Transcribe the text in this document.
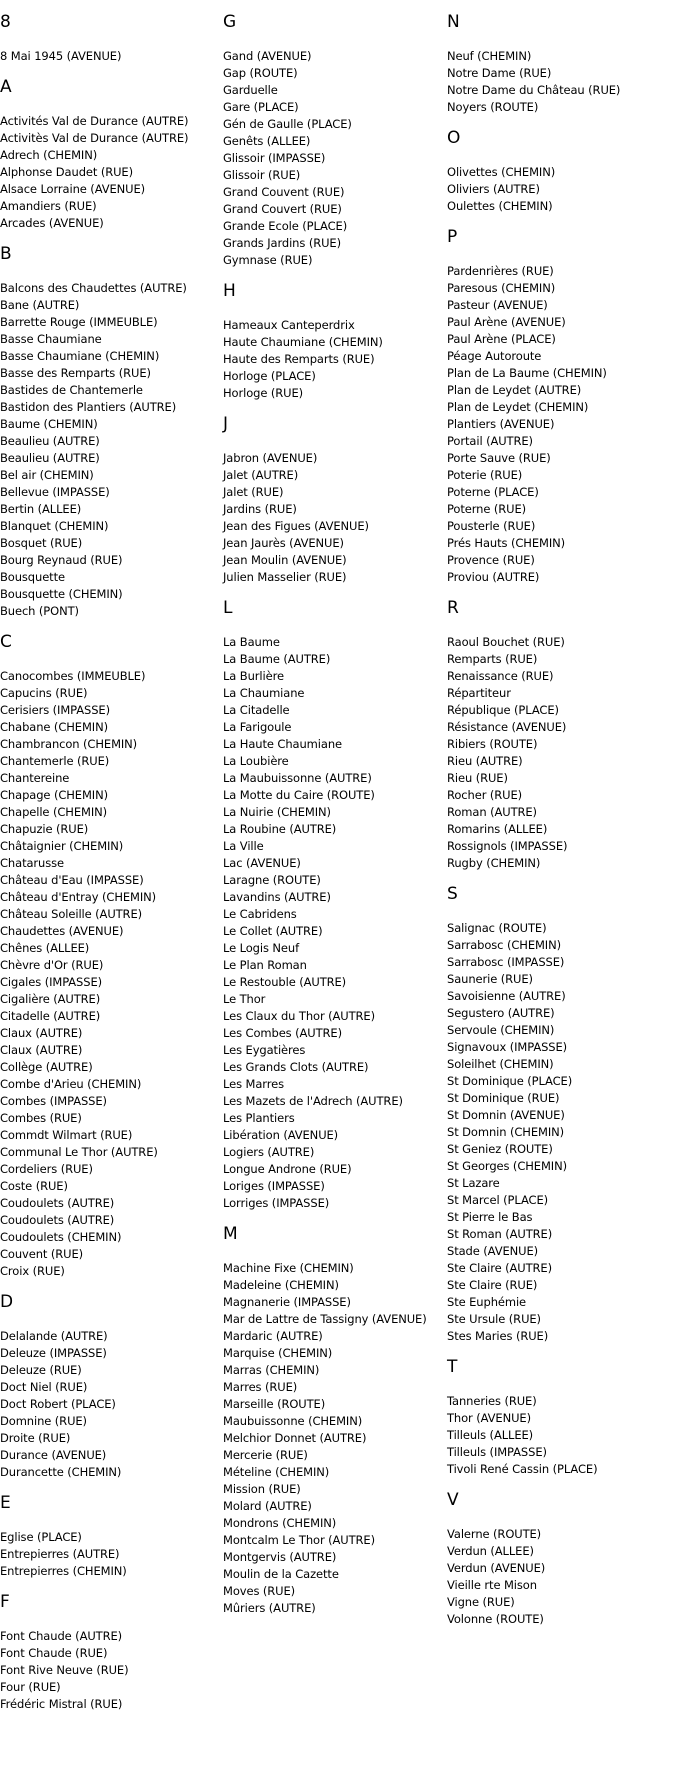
8
8 Mai 1945 (AVENUE)
A
Activités Val de Durance (AUTRE)
Activitès Val de Durance (AUTRE)
Adrech (CHEMIN)
Alphonse Daudet (RUE)
Alsace Lorraine (AVENUE)
Amandiers (RUE)
Arcades (AVENUE)
B
Balcons des Chaudettes (AUTRE)
Bane (AUTRE)
Barrette Rouge (IMMEUBLE)
Basse Chaumiane
Basse Chaumiane (CHEMIN)
Basse des Remparts (RUE)
Bastides de Chantemerle
Bastidon des Plantiers (AUTRE)
Baume (CHEMIN)
Beaulieu (AUTRE)
Beaulieu (AUTRE)
Bel air (CHEMIN)
Bellevue (IMPASSE)
Bertin (ALLEE)
Blanquet (CHEMIN)
Bosquet (RUE)
Bourg Reynaud (RUE)
Bousquette
Bousquette (CHEMIN)
Buech (PONT)
C
Canocombes (IMMEUBLE)
Capucins (RUE)
Cerisiers (IMPASSE)
Chabane (CHEMIN)
Chambrancon (CHEMIN)
Chantemerle (RUE)
Chantereine
Chapage (CHEMIN)
Chapelle (CHEMIN)
Chapuzie (RUE)
Châtaignier (CHEMIN)
Chatarusse
Château d'Eau (IMPASSE)
Château d'Entray (CHEMIN)
Château Soleille (AUTRE)
Chaudettes (AVENUE)
Chênes (ALLEE)
Chèvre d'Or (RUE)
Cigales (IMPASSE)
Cigalière (AUTRE)
Citadelle (AUTRE)
Claux (AUTRE)
Claux (AUTRE)
Collège (AUTRE)
Combe d'Arieu (CHEMIN)
Combes (IMPASSE)
Combes (RUE)
Commdt Wilmart (RUE)
Communal Le Thor (AUTRE)
Cordeliers (RUE)
Coste (RUE)
Coudoulets (AUTRE)
Coudoulets (AUTRE)
Coudoulets (CHEMIN)
Couvent (RUE)
Croix (RUE)
D
Delalande (AUTRE)
Deleuze (IMPASSE)
Deleuze (RUE)
Doct Niel (RUE)
Doct Robert (PLACE)
Domnine (RUE)
Droite (RUE)
Durance (AVENUE)
Durancette (CHEMIN)
E
Eglise (PLACE)
Entrepierres (AUTRE)
Entrepierres (CHEMIN)
F
Font Chaude (AUTRE)
Font Chaude (RUE)
Font Rive Neuve (RUE)
Four (RUE)
Frédéric Mistral (RUE)
G
Gand (AVENUE)
Gap (ROUTE)
Garduelle
Gare (PLACE)
Gén de Gaulle (PLACE)
Genêts (ALLEE)
Glissoir (IMPASSE)
Glissoir (RUE)
Grand Couvent (RUE)
Grand Couvert (RUE)
Grande Ecole (PLACE)
Grands Jardins (RUE)
Gymnase (RUE)
H
Hameaux Canteperdrix
Haute Chaumiane (CHEMIN)
Haute des Remparts (RUE)
Horloge (PLACE)
Horloge (RUE)
J
Jabron (AVENUE)
Jalet (AUTRE)
Jalet (RUE)
Jardins (RUE)
Jean des Figues (AVENUE)
Jean Jaurès (AVENUE)
Jean Moulin (AVENUE)
Julien Masselier (RUE)
L
La Baume
La Baume (AUTRE)
La Burlière
La Chaumiane
La Citadelle
La Farigoule
La Haute Chaumiane
La Loubière
La Maubuissonne (AUTRE)
La Motte du Caire (ROUTE)
La Nuirie (CHEMIN)
La Roubine (AUTRE)
La Ville
Lac (AVENUE)
Laragne (ROUTE)
Lavandins (AUTRE)
Le Cabridens
Le Collet (AUTRE)
Le Logis Neuf
Le Plan Roman
Le Restouble (AUTRE)
Le Thor
Les Claux du Thor (AUTRE)
Les Combes (AUTRE)
Les Eygatières
Les Grands Clots (AUTRE)
Les Marres
Les Mazets de l'Adrech (AUTRE)
Les Plantiers
Libération (AVENUE)
Logiers (AUTRE)
Longue Androne (RUE)
Loriges (IMPASSE)
Lorriges (IMPASSE)
M
Machine Fixe (CHEMIN)
Madeleine (CHEMIN)
Magnanerie (IMPASSE)
Mar de Lattre de Tassigny (AVENUE)
Mardaric (AUTRE)
Marquise (CHEMIN)
Marras (CHEMIN)
Marres (RUE)
Marseille (ROUTE)
Maubuissonne (CHEMIN)
Melchior Donnet (AUTRE)
Mercerie (RUE)
Mételine (CHEMIN)
Mission (RUE)
Molard (AUTRE)
Mondrons (CHEMIN)
Montcalm Le Thor (AUTRE)
Montgervis (AUTRE)
Moulin de la Cazette
Moves (RUE)
Mûriers (AUTRE)
N
Neuf (CHEMIN)
Notre Dame (RUE)
Notre Dame du Château (RUE)
Noyers (ROUTE)
O
Olivettes (CHEMIN)
Oliviers (AUTRE)
Oulettes (CHEMIN)
P
Pardenrières (RUE)
Paresous (CHEMIN)
Pasteur (AVENUE)
Paul Arène (AVENUE)
Paul Arène (PLACE)
Péage Autoroute
Plan de La Baume (CHEMIN)
Plan de Leydet (AUTRE)
Plan de Leydet (CHEMIN)
Plantiers (AVENUE)
Portail (AUTRE)
Porte Sauve (RUE)
Poterie (RUE)
Poterne (PLACE)
Poterne (RUE)
Pousterle (RUE)
Prés Hauts (CHEMIN)
Provence (RUE)
Proviou (AUTRE)
R
Raoul Bouchet (RUE)
Remparts (RUE)
Renaissance (RUE)
Répartiteur
République (PLACE)
Résistance (AVENUE)
Ribiers (ROUTE)
Rieu (AUTRE)
Rieu (RUE)
Rocher (RUE)
Roman (AUTRE)
Romarins (ALLEE)
Rossignols (IMPASSE)
Rugby (CHEMIN)
S
Salignac (ROUTE)
Sarrabosc (CHEMIN)
Sarrabosc (IMPASSE)
Saunerie (RUE)
Savoisienne (AUTRE)
Segustero (AUTRE)
Servoule (CHEMIN)
Signavoux (IMPASSE)
Soleilhet (CHEMIN)
St Dominique (PLACE)
St Dominique (RUE)
St Domnin (AVENUE)
St Domnin (CHEMIN)
St Geniez (ROUTE)
St Georges (CHEMIN)
St Lazare
St Marcel (PLACE)
St Pierre le Bas
St Roman (AUTRE)
Stade (AVENUE)
Ste Claire (AUTRE)
Ste Claire (RUE)
Ste Euphémie
Ste Ursule (RUE)
Stes Maries (RUE)
T
Tanneries (RUE)
Thor (AVENUE)
Tilleuls (ALLEE)
Tilleuls (IMPASSE)
Tivoli René Cassin (PLACE)
V
Valerne (ROUTE)
Verdun (ALLEE)
Verdun (AVENUE)
Vieille rte Mison
Vigne (RUE)
Volonne (ROUTE)
